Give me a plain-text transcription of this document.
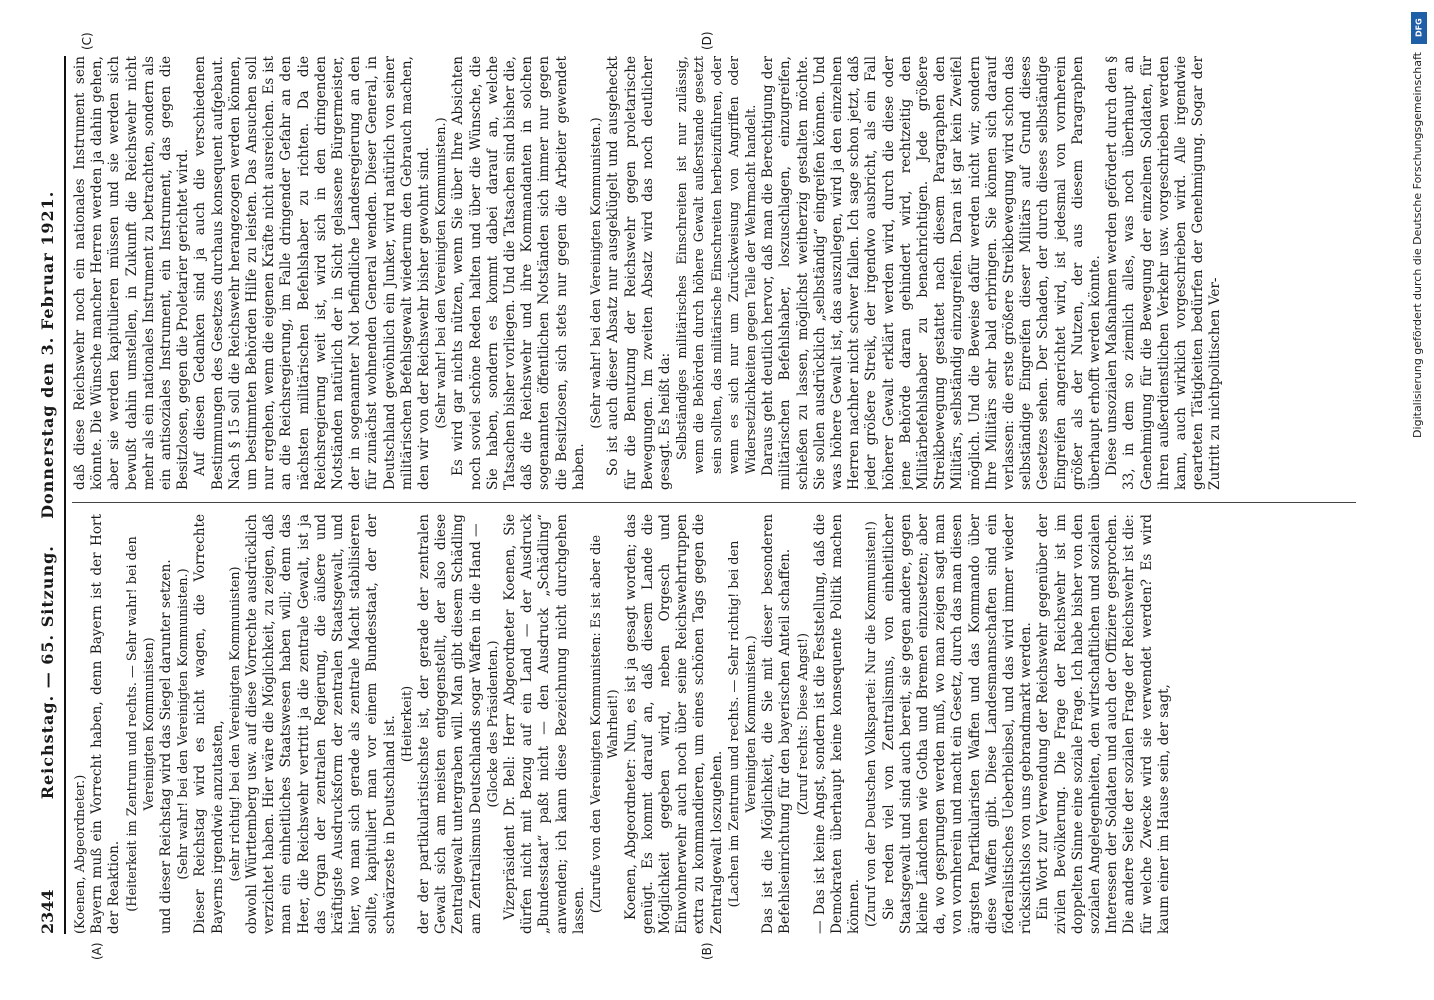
2344
Reichstag. — 65. Sitzung.    Donnerstag den 3. Februar 1921.
(A)	(B)
(C)	(D)

(Koenen, Abgeordneter.) Bayern muß ein Vorrecht haben, denn Bayern ist der Hort der Reaktion. (Heiterkeit im Zentrum und rechts. — Sehr wahr! bei den Vereinigten Kommunisten) und dieser Reichstag wird das Siegel darunter setzen. (Sehr wahr! bei den Vereinigten Kommunisten.) Dieser Reichstag wird es nicht wagen, die Vorrechte Bayerns irgendwie anzutasten, (sehr richtig! bei den Vereinigten Kommunisten) obwohl Württemberg usw. auf diese Vorrechte ausdrücklich verzichtet haben. Hier wäre die Möglichkeit, zu zeigen, daß man ein einheitliches Staatswesen haben will; denn das Heer, die Reichswehr vertritt ja die zentrale Gewalt, ist ja das Organ der zentralen Regierung, die äußere und kräftigste Ausdrucksform der zentralen Staatsgewalt, und hier, wo man sich gerade als zentrale Macht stabilisieren sollte, kapituliert man vor einem Bundesstaat, der der schwärzeste in Deutschland ist. (Heiterkeit) der der partikularistischste ist, der gerade der zentralen Gewalt sich am meisten entgegenstellt, der also diese Zentralgewalt untergraben will. Man gibt diesem Schädling am Zentralismus Deutschlands sogar Waffen in die Hand — (Glocke des Präsidenten.) Vizepräsident Dr. Bell: Herr Abgeordneter Koenen, Sie dürfen nicht mit Bezug auf ein Land — der Ausdruck „Bundesstaat“ paßt nicht — den Ausdruck „Schädling“ anwenden; ich kann diese Bezeichnung nicht durchgehen lassen. (Zurufe von den Vereinigten Kommunisten: Es ist aber die Wahrheit!) Koenen, Abgeordneter: Nun, es ist ja gesagt worden; das genügt. Es kommt darauf an, daß diesem Lande die Möglichkeit gegeben wird, neben Orgesch und Einwohnerwehr auch noch über seine Reichswehrtruppen extra zu kommandieren, um eines schönen Tags gegen die Zentralgewalt loszugehen. (Lachen im Zentrum und rechts. — Sehr richtig! bei den Vereinigten Kommunisten.) Das ist die Möglichkeit, die Sie mit dieser besonderen Befehlseinrichtung für den bayerischen Anteil schaffen. (Zuruf rechts: Diese Angst!) — Das ist keine Angst, sondern ist die Feststellung, daß die Demokraten überhaupt keine konsequente Politik machen können. (Zuruf von der Deutschen Volkspartei: Nur die Kommunisten!) Sie reden viel von Zentralismus, von einheitlicher Staatsgewalt und sind auch bereit, sie gegen andere, gegen kleine Ländchen wie Gotha und Bremen einzusetzen; aber da, wo gesprungen werden muß, wo man zeigen sagt man von vornherein und macht ein Gesetz, durch das man diesen ärgsten Partikularisten Waffen und das Kommando über diese Waffen gibt. Diese Landesmannschaften sind ein föderalistisches Ueberbleibsel, und das wird immer wieder rücksichtslos von uns gebrandmarkt werden. Ein Wort zur Verwendung der Reichswehr gegenüber der zivilen Bevölkerung. Die Frage der Reichswehr ist im doppelten Sinne eine soziale Frage. Ich habe bisher von den sozialen Angelegenheiten, den wirtschaftlichen und sozialen Interessen der Soldaten und auch der Offiziere gesprochen. Die andere Seite der sozialen Frage der Reichswehr ist die: für welche Zwecke wird sie verwendet werden? Es wird kaum einer im Hause sein, der sagt,

daß diese Reichswehr noch ein nationales Instrument sein könnte. Die Wünsche mancher Herren werden ja dahin gehen, aber sie werden kapitulieren müssen und sie werden sich bewußt dahin umstellen, in Zukunft die Reichswehr nicht mehr als ein nationales Instrument zu betrachten, sondern als ein antisoziales Instrument, ein Instrument, das gegen die Besitzlosen, gegen die Proletarier gerichtet wird. Auf diesen Gedanken sind ja auch die verschiedenen Bestimmungen des Gesetzes durchaus konsequent aufgebaut. Nach § 15 soll die Reichswehr herangezogen werden können, um bestimmten Behörden Hilfe zu leisten. Das Ansuchen soll nur ergehen, wenn die eigenen Kräfte nicht ausreichen. Es ist an die Reichsregierung, im Falle dringender Gefahr an den nächsten militärischen Befehlshaber zu richten. Da die Reichsregierung weit ist, wird sich in den dringenden Notständen natürlich der in Sicht gelassene Bürgermeister, der in sogenannter Not befindliche Landesregierung an den für zunächst wohnenden General wenden. Dieser General, in Deutschland gewöhnlich ein Junker, wird natürlich von seiner militärischen Befehlsgewalt wiederum den Gebrauch machen, den wir von der Reichswehr bisher gewohnt sind. (Sehr wahr! bei den Vereinigten Kommunisten.) Es wird gar nichts nützen, wenn Sie über Ihre Absichten noch soviel schöne Reden halten und über die Wünsche, die Sie haben, sondern es kommt dabei darauf an, welche Tatsachen bisher vorliegen. Und die Tatsachen sind bisher die, daß die Reichswehr und ihre Kommandanten in solchen sogenannten öffentlichen Notständen sich immer nur gegen die Besitzlosen, sich stets nur gegen die Arbeiter gewendet haben.

(Sehr wahr! bei den Vereinigten Kommunisten.) So ist auch dieser Absatz nur ausgeklügelt und ausgeheckt für die Benutzung der Reichswehr gegen proletarische Bewegungen. Im zweiten Absatz wird das noch deutlicher gesagt. Es heißt da: Selbständiges militärisches Einschreiten ist nur zulässig, wenn die Behörden durch höhere Gewalt außerstande gesetzt sein sollten, das militärische Einschreiten herbeizuführen, oder wenn es sich nur um Zurückweisung von Angriffen oder Widersetzlichkeiten gegen Teile der Wehrmacht handelt. Daraus geht deutlich hervor, daß man die Berechtigung der militärischen Befehlshaber, loszuschlagen, einzugreifen, schießen zu lassen, möglichst weitherzig gestalten möchte. Sie sollen ausdrücklich „selbständig“ eingreifen können. Und was höhere Gewalt ist, das auszulegen, wird ja den einzelnen Herren nachher nicht schwer fallen. Ich sage schon jetzt, daß jeder größere Streik, der irgendwo ausbricht, als ein Fall höherer Gewalt erklärt werden wird, durch die diese oder jene Behörde daran gehindert wird, rechtzeitig den Militärbefehlshaber zu benachrichtigen. Jede größere Streikbewegung gestattet nach diesem Paragraphen den Militärs, selbständig einzugreifen. Daran ist gar kein Zweifel möglich. Und die Beweise dafür werden nicht wir, sondern Ihre Militärs sehr bald erbringen. Sie können sich darauf verlassen: die erste größere Streikbewegung wird schon das selbständige Eingreifen dieser Militärs auf Grund dieses Gesetzes sehen. Der Schaden, der durch dieses selbständige Eingreifen angerichtet wird, ist jedesmal von vornherein größer als der Nutzen, der aus diesem Paragraphen überhaupt erhofft werden könnte. Diese unsozialen Maßnahmen werden gefördert durch den § 33, in dem so ziemlich alles, was noch überhaupt an Genehmigung für die Bewegung der einzelnen Soldaten, für ihren außerdienstlichen Verkehr usw. vorgeschrieben werden kann, auch wirklich vorgeschrieben wird. Alle irgendwie gearteten Tätigkeiten bedürfen der Genehmigung. Sogar der Zutritt zu nichtpolitischen Ver-

DFG
Digitalisierung gefördert durch die Deutsche Forschungsgemeinschaft
